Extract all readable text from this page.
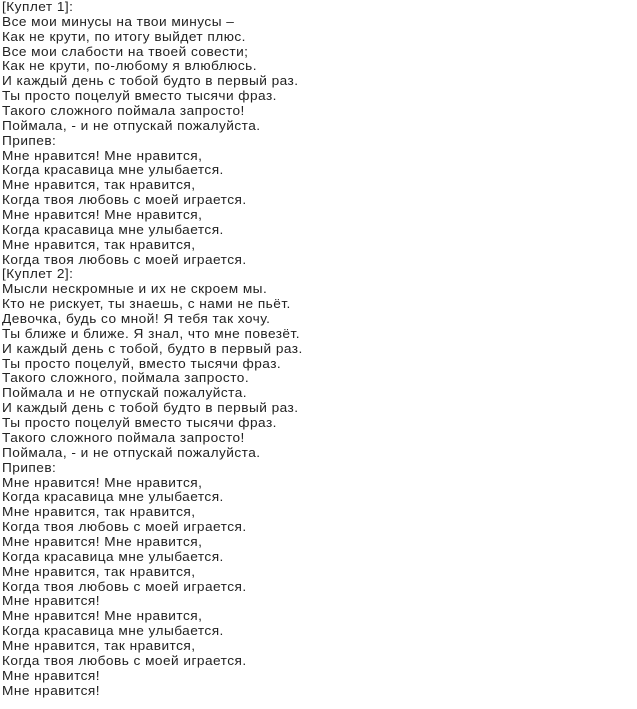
[Куплет 1]:
Все мои минусы на твои минусы –
Как не крути, по итогу выйдет плюс.
Все мои слабости на твоей совести;
Как не крути, по-любому я влюблюсь.
И каждый день с тобой будто в первый раз.
Ты просто поцелуй вместо тысячи фраз.
Такого сложного поймала запросто!
Поймала, - и не отпускай пожалуйста.
Припев:
Мне нравится! Мне нравится,
Когда красавица мне улыбается.
Мне нравится, так нравится,
Когда твоя любовь с моей играется.
Мне нравится! Мне нравится,
Когда красавица мне улыбается.
Мне нравится, так нравится,
Когда твоя любовь с моей играется.
[Куплет 2]:
Мысли нескромные и их не скроем мы.
Кто не рискует, ты знаешь, с нами не пьёт.
Девочка, будь со мной! Я тебя так хочу.
Ты ближе и ближе. Я знал, что мне повезёт.
И каждый день с тобой, будто в первый раз.
Ты просто поцелуй, вместо тысячи фраз.
Такого сложного, поймала запросто.
Поймала и не отпускай пожалуйста.
И каждый день с тобой будто в первый раз.
Ты просто поцелуй вместо тысячи фраз.
Такого сложного поймала запросто!
Поймала, - и не отпускай пожалуйста.
Припев:
Мне нравится! Мне нравится,
Когда красавица мне улыбается.
Мне нравится, так нравится,
Когда твоя любовь с моей играется.
Мне нравится! Мне нравится,
Когда красавица мне улыбается.
Мне нравится, так нравится,
Когда твоя любовь с моей играется.
Мне нравится!
Мне нравится! Мне нравится,
Когда красавица мне улыбается.
Мне нравится, так нравится,
Когда твоя любовь с моей играется.
Мне нравится!
Мне нравится!
